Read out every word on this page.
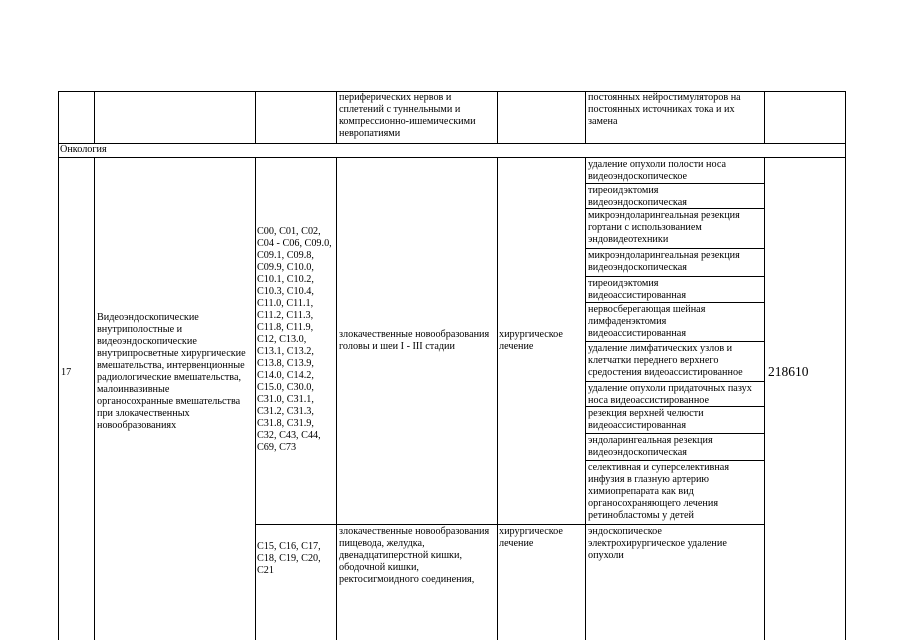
периферических нервов и
сплетений с туннельными и
компрессионно-ишемическими
невропатиями
постоянных нейростимуляторов на
постоянных источниках тока и их
замена
Онкология
17
Видеоэндоскопические
внутриполостные и
видеоэндоскопические
внутрипросветные хирургические
вмешательства, интервенционные
радиологические вмешательства,
малоинвазивные
органосохранные вмешательства
при злокачественных
новообразованиях
C00, C01, C02,
C04 - C06, C09.0,
C09.1, C09.8,
C09.9, C10.0,
C10.1, C10.2,
C10.3, C10.4,
C11.0, C11.1,
C11.2, C11.3,
C11.8, C11.9,
C12, C13.0,
C13.1, C13.2,
C13.8, C13.9,
C14.0, C14.2,
C15.0, C30.0,
C31.0, C31.1,
C31.2, C31.3,
C31.8, C31.9,
C32, C43, C44,
C69, C73
злокачественные новообразования
головы и шеи I - III стадии
хирургическое
лечение
удаление опухоли полости носа
видеоэндоскопическое
тиреоидэктомия
видеоэндоскопическая
микроэндоларингеальная резекция
гортани с использованием
эндовидеотехники
микроэндоларингеальная резекция
видеоэндоскопическая
тиреоидэктомия
видеоассистированная
нервосберегающая шейная
лимфаденэктомия
видеоассистированная
удаление лимфатических узлов и
клетчатки переднего верхнего
средостения видеоассистированное
удаление опухоли придаточных пазух
носа видеоассистированное
резекция верхней челюсти
видеоассистированная
эндоларингеальная резекция
видеоэндоскопическая
селективная и суперселективная
инфузия в глазную артерию
химиопрепарата как вид
органосохраняющего лечения
ретинобластомы у детей
218610
C15, C16, C17,
C18, C19, C20,
C21
злокачественные новообразования
пищевода, желудка,
двенадцатиперстной кишки,
ободочной кишки,
ректосигмоидного соединения,
хирургическое
лечение
эндоскопическое
электрохирургическое удаление
опухоли
